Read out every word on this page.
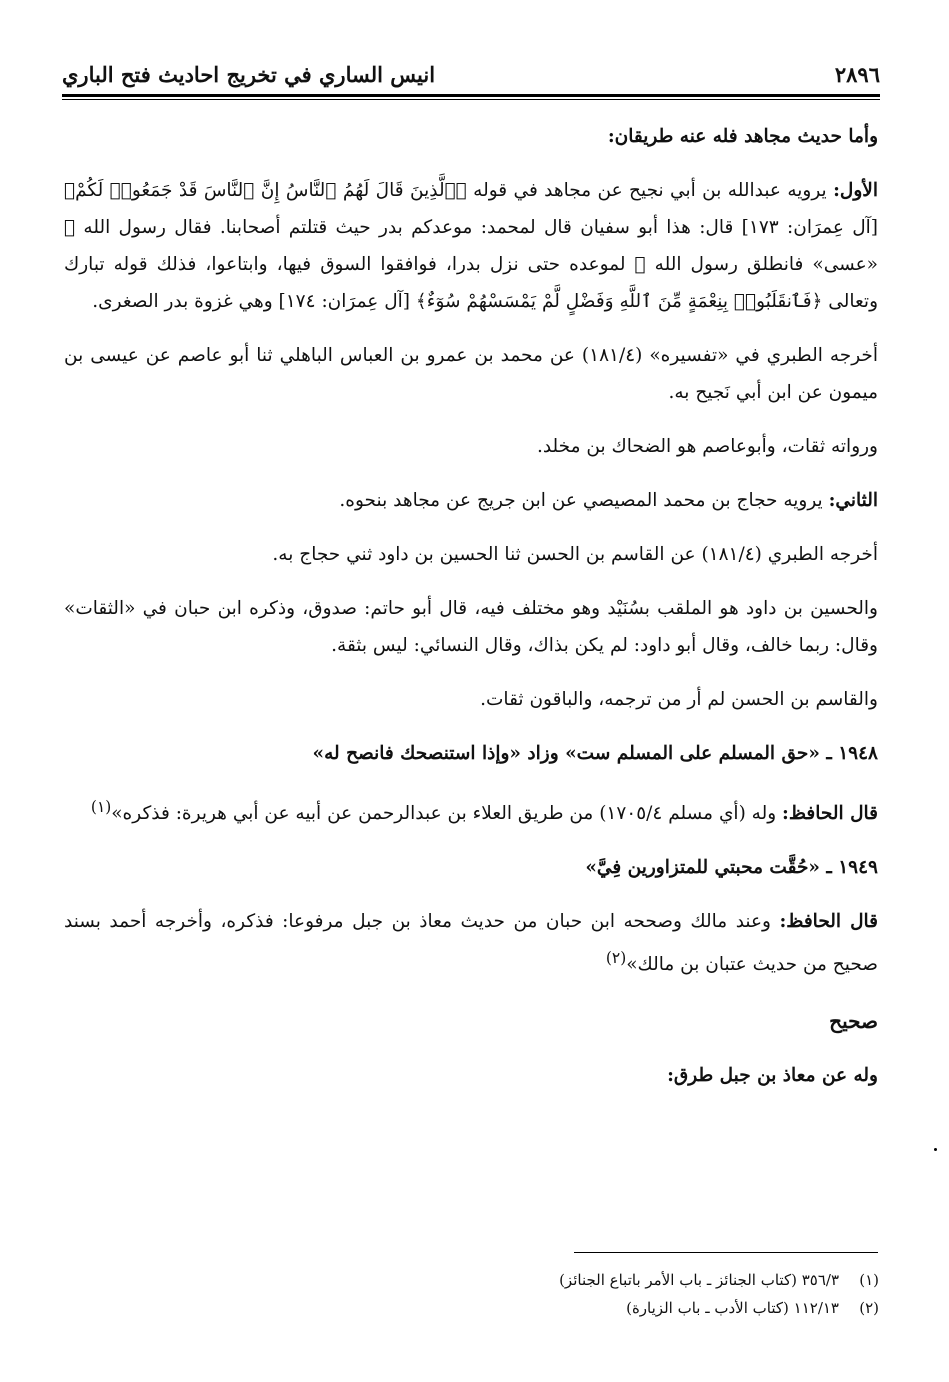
٢٨٩٦
انيس الساري في تخريج احاديث فتح الباري

وأما حديث مجاهد فله عنه طريقان:

الأول: يرويه عبدالله بن أبي نجيح عن مجاهد في قوله ﴿ٱلَّذِينَ قَالَ لَهُمُ ٱلنَّاسُ إِنَّ ٱلنَّاسَ قَدْ جَمَعُوا۟ لَكُمْ﴾ [آل عِمرَان: ١٧٣] قال: هذا أبو سفيان قال لمحمد: موعدكم بدر حيث قتلتم أصحابنا. فقال رسول الله ﷺ «عسى» فانطلق رسول الله ﷺ لموعده حتى نزل بدرا، فوافقوا السوق فيها، وابتاعوا، فذلك قوله تبارك وتعالى ﴿فَٱنقَلَبُوا۟ بِنِعْمَةٍ مِّنَ ٱللَّهِ وَفَضْلٍ لَّمْ يَمْسَسْهُمْ سُوٓءٌ﴾ [آل عِمرَان: ١٧٤] وهي غزوة بدر الصغرى.

أخرجه الطبري في «تفسيره» (١٨١/٤) عن محمد بن عمرو بن العباس الباهلي ثنا أبو عاصم عن عيسى بن ميمون عن ابن أبي نَجيح به.

ورواته ثقات، وأبوعاصم هو الضحاك بن مخلد.

الثاني: يرويه حجاج بن محمد المصيصي عن ابن جريج عن مجاهد بنحوه.

أخرجه الطبري (١٨١/٤) عن القاسم بن الحسن ثنا الحسين بن داود ثني حجاج به.

والحسين بن داود هو الملقب بسُنَيْد وهو مختلف فيه، قال أبو حاتم: صدوق، وذكره ابن حبان في «الثقات» وقال: ربما خالف، وقال أبو داود: لم يكن بذاك، وقال النسائي: ليس بثقة.

والقاسم بن الحسن لم أر من ترجمه، والباقون ثقات.

١٩٤٨ ـ «حق المسلم على المسلم ست» وزاد «وإذا استنصحك فانصح له»

قال الحافظ: وله (أي مسلم ١٧٠٥/٤) من طريق العلاء بن عبدالرحمن عن أبيه عن أبي هريرة: فذكره»$^{(١)}$

١٩٤٩ ـ «حُقَّت محبتي للمتزاورين فِيَّ»

قال الحافظ: وعند مالك وصححه ابن حبان من حديث معاذ بن جبل مرفوعا: فذكره، وأخرجه أحمد بسند صحيح من حديث عتبان بن مالك»$^{(٢)}$

صحيح

وله عن معاذ بن جبل طرق:

(١)٣٥٦/٣ (كتاب الجنائز ـ باب الأمر باتباع الجنائز)
(٢)١١٢/١٣ (كتاب الأدب ـ باب الزيارة)
